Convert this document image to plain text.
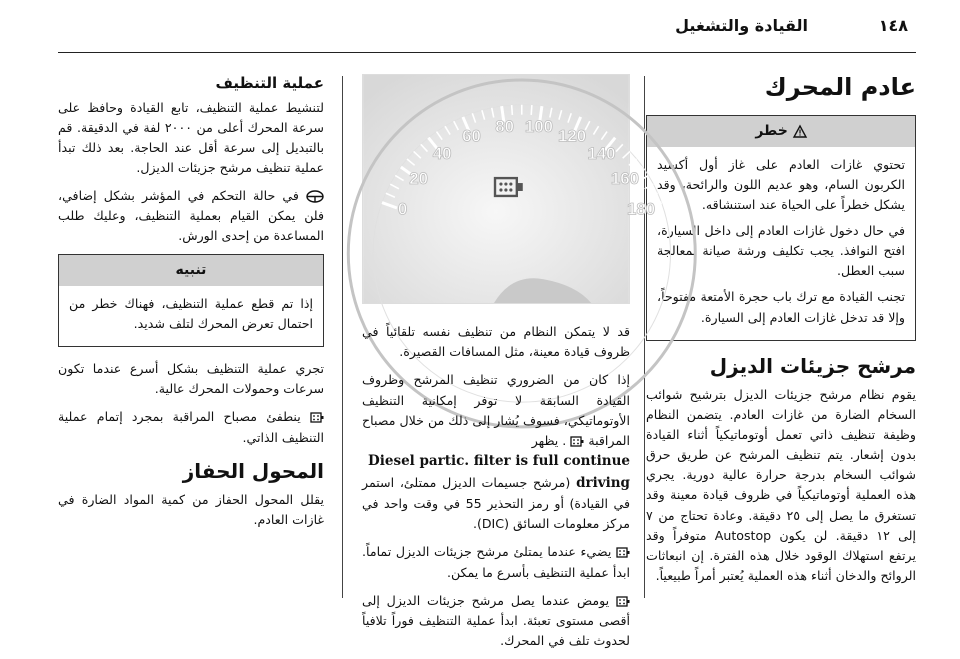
القيادة والتشغيل	١٤٨
عادم المحرك
خطر

تحتوي غازات العادم على غاز أول أكسيد الكربون السام، وهو عديم اللون والرائحة، وقد يشكل خطراً على الحياة عند استنشاقه.

في حال دخول غازات العادم إلى داخل السيارة، افتح النوافذ. يجب تكليف ورشة صيانة بمعالجة سبب العطل.

تجنب القيادة مع ترك باب حجرة الأمتعة مفتوحاً، وإلا قد تدخل غازات العادم إلى السيارة.

مرشح جزيئات الديزل

يقوم نظام مرشح جزيئات الديزل بترشيح شوائب السخام الضارة من غازات العادم. يتضمن النظام وظيفة تنظيف ذاتي تعمل أوتوماتيكياً أثناء القيادة بدون إشعار. يتم تنظيف المرشح عن طريق حرق شوائب السخام بدرجة حرارة عالية دورية. يجري هذه العملية أوتوماتيكياً في ظروف قيادة معينة وقد تستغرق ما يصل إلى ٢٥ دقيقة. وعادة تحتاج من ٧ إلى ١٢ دقيقة. لن يكون Autostop متوفراً وقد يرتفع استهلاك الوقود خلال هذه الفترة. إن انبعاثات الروائح والدخان أثناء هذه العملية يُعتبر أمراً طبيعياً.

0
20
40
60 80 100 120
140
160
180

قد لا يتمكن النظام من تنظيف نفسه تلقائياً في ظروف قيادة معينة، مثل المسافات القصيرة.

إذا كان من الضروري تنظيف المرشح وظروف القيادة السابقة لا توفر إمكانية التنظيف الأوتوماتيكي، فسوف يُشار إلى ذلك من خلال مصباح المراقبة  . يظهر
Diesel partic. filter is full continue driving (مرشح جسيمات الديزل ممتلئ، استمر في القيادة) أو رمز التحذير 55 في وقت واحد في مركز معلومات السائق (DIC).

يضيء عندما يمتلئ مرشح جزيئات الديزل تماماً. ابدأ عملية التنظيف بأسرع ما يمكن.

يومض عندما يصل مرشح جزيئات الديزل إلى أقصى مستوى تعبئة. ابدأ عملية التنظيف فوراً تلافياً لحدوث تلف في المحرك.

عملية التنظيف

لتنشيط عملية التنظيف، تابع القيادة وحافظ على سرعة المحرك أعلى من ٢٠٠٠ لفة في الدقيقة. قم بالتبديل إلى سرعة أقل عند الحاجة. بعد ذلك تبدأ عملية تنظيف مرشح جزيئات الديزل.

في حالة التحكم في المؤشر بشكل إضافي، فلن يمكن القيام بعملية التنظيف، وعليك طلب المساعدة من إحدى الورش.

تنبيه

إذا تم قطع عملية التنظيف، فهناك خطر من احتمال تعرض المحرك لتلف شديد.

تجري عملية التنظيف بشكل أسرع عندما تكون سرعات وحمولات المحرك عالية.

ينطفئ مصباح المراقبة بمجرد إتمام عملية التنظيف الذاتي.

المحول الحفاز

يقلل المحول الحفاز من كمية المواد الضارة في غازات العادم.
